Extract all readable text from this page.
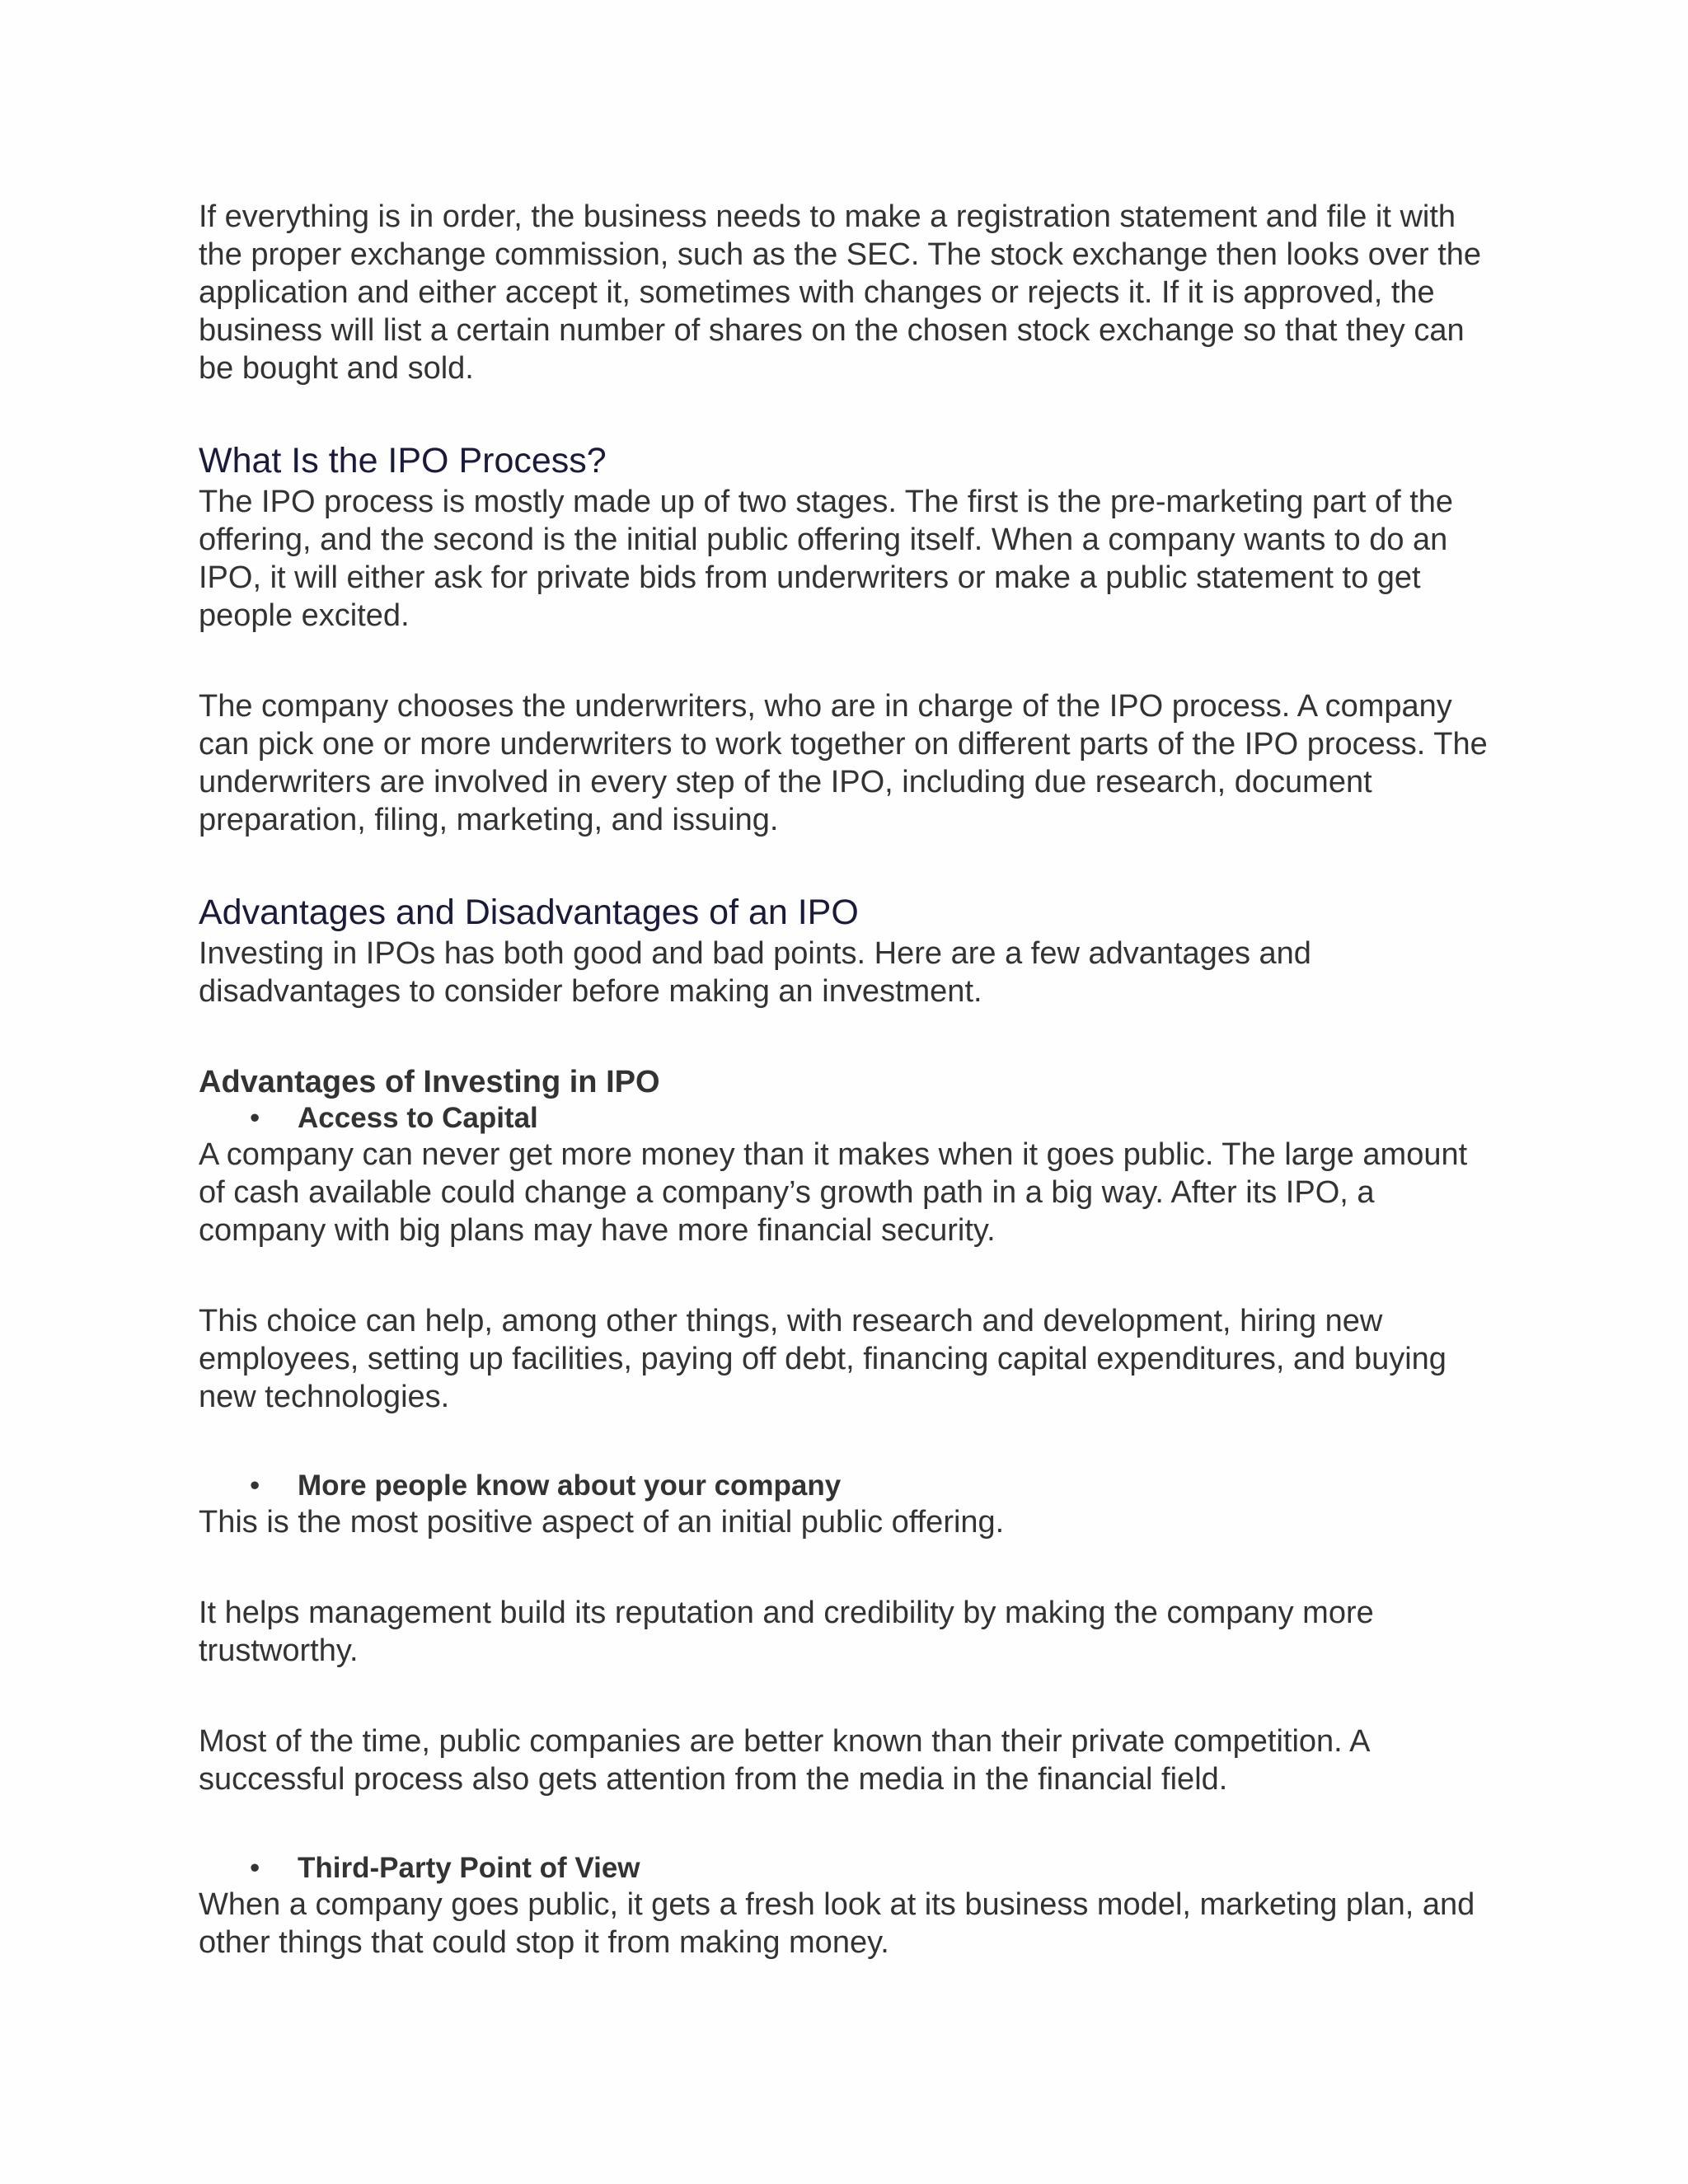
If everything is in order, the business needs to make a registration statement and file it with the proper exchange commission, such as the SEC. The stock exchange then looks over the application and either accept it, sometimes with changes or rejects it. If it is approved, the business will list a certain number of shares on the chosen stock exchange so that they can be bought and sold.

What Is the IPO Process?

The IPO process is mostly made up of two stages. The first is the pre-marketing part of the offering, and the second is the initial public offering itself. When a company wants to do an IPO, it will either ask for private bids from underwriters or make a public statement to get people excited.

The company chooses the underwriters, who are in charge of the IPO process. A company can pick one or more underwriters to work together on different parts of the IPO process. The underwriters are involved in every step of the IPO, including due research, document preparation, filing, marketing, and issuing.

Advantages and Disadvantages of an IPO

Investing in IPOs has both good and bad points. Here are a few advantages and disadvantages to consider before making an investment.

Advantages of Investing in IPO

• Access to Capital

A company can never get more money than it makes when it goes public. The large amount of cash available could change a company’s growth path in a big way. After its IPO, a company with big plans may have more financial security.

This choice can help, among other things, with research and development, hiring new employees, setting up facilities, paying off debt, financing capital expenditures, and buying new technologies.

• More people know about your company

This is the most positive aspect of an initial public offering.

It helps management build its reputation and credibility by making the company more trustworthy.

Most of the time, public companies are better known than their private competition. A successful process also gets attention from the media in the financial field.

• Third-Party Point of View

When a company goes public, it gets a fresh look at its business model, marketing plan, and other things that could stop it from making money.
